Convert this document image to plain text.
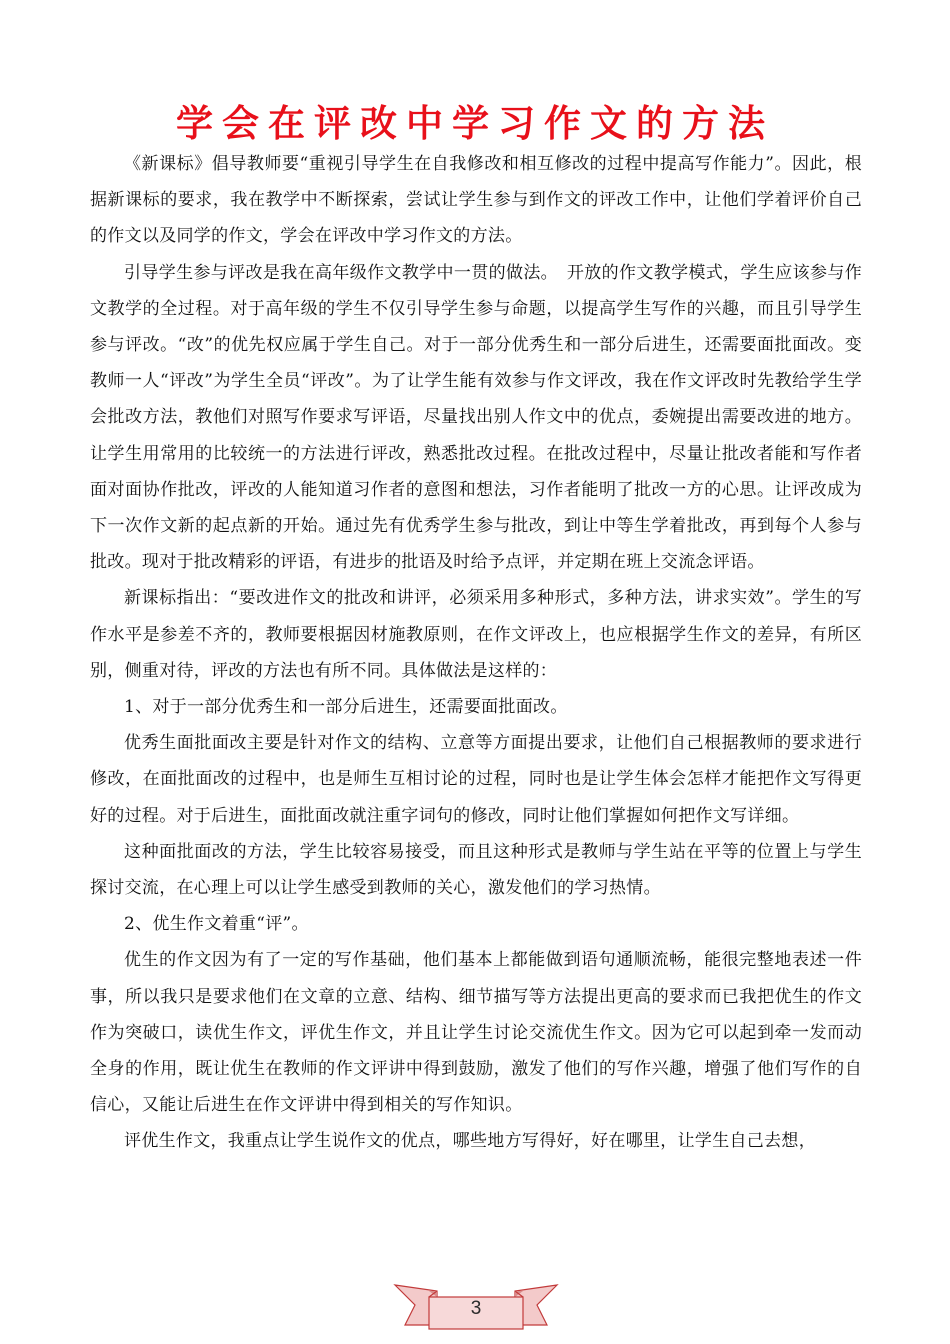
学会在评改中学习作文的方法

《新课标》倡导教师要“重视引导学生在自我修改和相互修改的过程中提高写作能力”。因此，根据新课标的要求，我在教学中不断探索，尝试让学生参与到作文的评改工作中，让他们学着评价自己的作文以及同学的作文，学会在评改中学习作文的方法。

引导学生参与评改是我在高年级作文教学中一贯的做法。　开放的作文教学模式，学生应该参与作文教学的全过程。对于高年级的学生不仅引导学生参与命题，以提高学生写作的兴趣，而且引导学生参与评改。“改”的优先权应属于学生自己。对于一部分优秀生和一部分后进生，还需要面批面改。变教师一人“评改”为学生全员“评改”。为了让学生能有效参与作文评改，我在作文评改时先教给学生学会批改方法，教他们对照写作要求写评语，尽量找出别人作文中的优点，委婉提出需要改进的地方。让学生用常用的比较统一的方法进行评改，熟悉批改过程。在批改过程中，尽量让批改者能和写作者面对面协作批改，评改的人能知道习作者的意图和想法，习作者能明了批改一方的心思。让评改成为下一次作文新的起点新的开始。通过先有优秀学生参与批改，到让中等生学着批改，再到每个人参与批改。现对于批改精彩的评语，有进步的批语及时给予点评，并定期在班上交流念评语。

新课标指出：“要改进作文的批改和讲评，必须采用多种形式，多种方法，讲求实效”。学生的写作水平是参差不齐的，教师要根据因材施教原则，在作文评改上，也应根据学生作文的差异，有所区别，侧重对待，评改的方法也有所不同。具体做法是这样的：

1、对于一部分优秀生和一部分后进生，还需要面批面改。

优秀生面批面改主要是针对作文的结构、立意等方面提出要求，让他们自己根据教师的要求进行修改，在面批面改的过程中，也是师生互相讨论的过程，同时也是让学生体会怎样才能把作文写得更好的过程。对于后进生，面批面改就注重字词句的修改，同时让他们掌握如何把作文写详细。

这种面批面改的方法，学生比较容易接受，而且这种形式是教师与学生站在平等的位置上与学生探讨交流，在心理上可以让学生感受到教师的关心，激发他们的学习热情。

2、优生作文着重“评”。

优生的作文因为有了一定的写作基础，他们基本上都能做到语句通顺流畅，能很完整地表述一件事，所以我只是要求他们在文章的立意、结构、细节描写等方法提出更高的要求而已我把优生的作文作为突破口，读优生作文，评优生作文，并且让学生讨论交流优生作文。因为它可以起到牵一发而动全身的作用，既让优生在教师的作文评讲中得到鼓励，激发了他们的写作兴趣，增强了他们写作的自信心，又能让后进生在作文评讲中得到相关的写作知识。

评优生作文，我重点让学生说作文的优点，哪些地方写得好，好在哪里，让学生自己去想，

3
